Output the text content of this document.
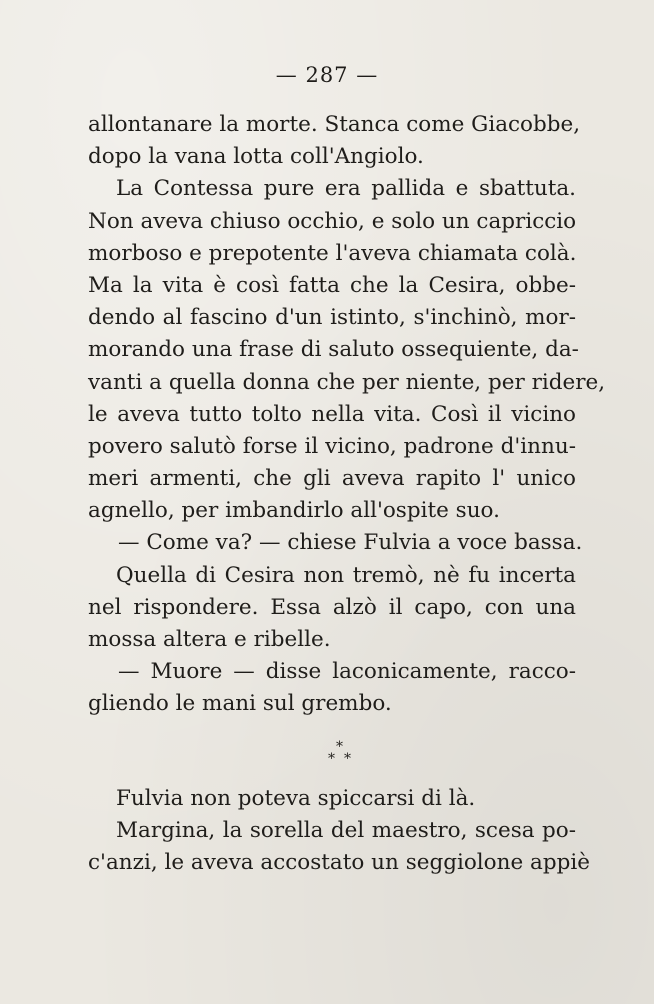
— 287 —
allontanare la morte. Stanca come Giacobbe,
dopo la vana lotta coll'Angiolo.
La Contessa pure era pallida e sbattuta.
Non aveva chiuso occhio, e solo un capriccio
morboso e prepotente l'aveva chiamata colà.
Ma la vita è così fatta che la Cesira, obbe-
dendo al fascino d'un istinto, s'inchinò, mor-
morando una frase di saluto ossequiente, da-
vanti a quella donna che per niente, per ridere,
le aveva tutto tolto nella vita. Così il vicino
povero salutò forse il vicino, padrone d'innu-
meri armenti, che gli aveva rapito l' unico
agnello, per imbandirlo all'ospite suo.
— Come va? — chiese Fulvia a voce bassa.
Quella di Cesira non tremò, nè fu incerta
nel rispondere. Essa alzò il capo, con una
mossa altera e ribelle.
— Muore — disse laconicamente, racco-
gliendo le mani sul grembo.
*
* *
Fulvia non poteva spiccarsi di là.
Margina, la sorella del maestro, scesa po-
c'anzi, le aveva accostato un seggiolone appiè
